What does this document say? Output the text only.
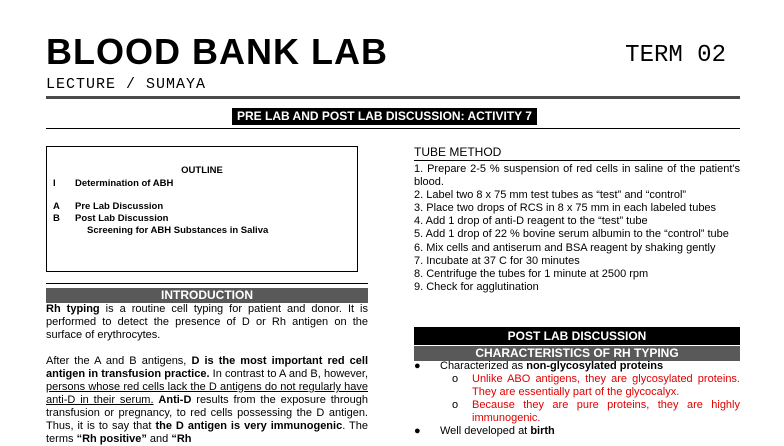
BLOOD BANK LAB	TERM 02
LECTURE / SUMAYA
PRE LAB AND POST LAB DISCUSSION: ACTIVITY 7
OUTLINE
I Determination of ABH
A Pre Lab Discussion
B Post Lab Discussion
Screening for ABH Substances in Saliva
INTRODUCTION

Rh typing is a routine cell typing for patient and donor. It is performed to detect the presence of D or Rh antigen on the surface of erythrocytes.

After the A and B antigens, D is the most important red cell antigen in transfusion practice. In contrast to A and B, however, persons whose red cells lack the D antigens do not regularly have anti-D in their serum. Anti-D results from the exposure through transfusion or pregnancy, to red cells possessing the D antigen. Thus, it is to say that the D antigen is very immunogenic. The terms “Rh positive” and “Rh

TUBE METHOD
1. Prepare 2-5 % suspension of red cells in saline of the patient's blood.
2. Label two 8 x 75 mm test tubes as “test” and “control”
3. Place two drops of RCS in 8 x 75 mm in each labeled tubes
4. Add 1 drop of anti-D reagent to the “test” tube
5. Add 1 drop of 22 % bovine serum albumin to the “control” tube
6. Mix cells and antiserum and BSA reagent by shaking gently
7. Incubate at 37 C for 30 minutes
8. Centrifuge the tubes for 1 minute at 2500 rpm
9. Check for agglutination
POST LAB DISCUSSION
CHARACTERISTICS OF RH TYPING
● Characterized as non-glycosylated proteins
o Unlike ABO antigens, they are glycosylated proteins. They are essentially part of the glycocalyx.
o Because they are pure proteins, they are highly immunogenic.
● Well developed at birth
